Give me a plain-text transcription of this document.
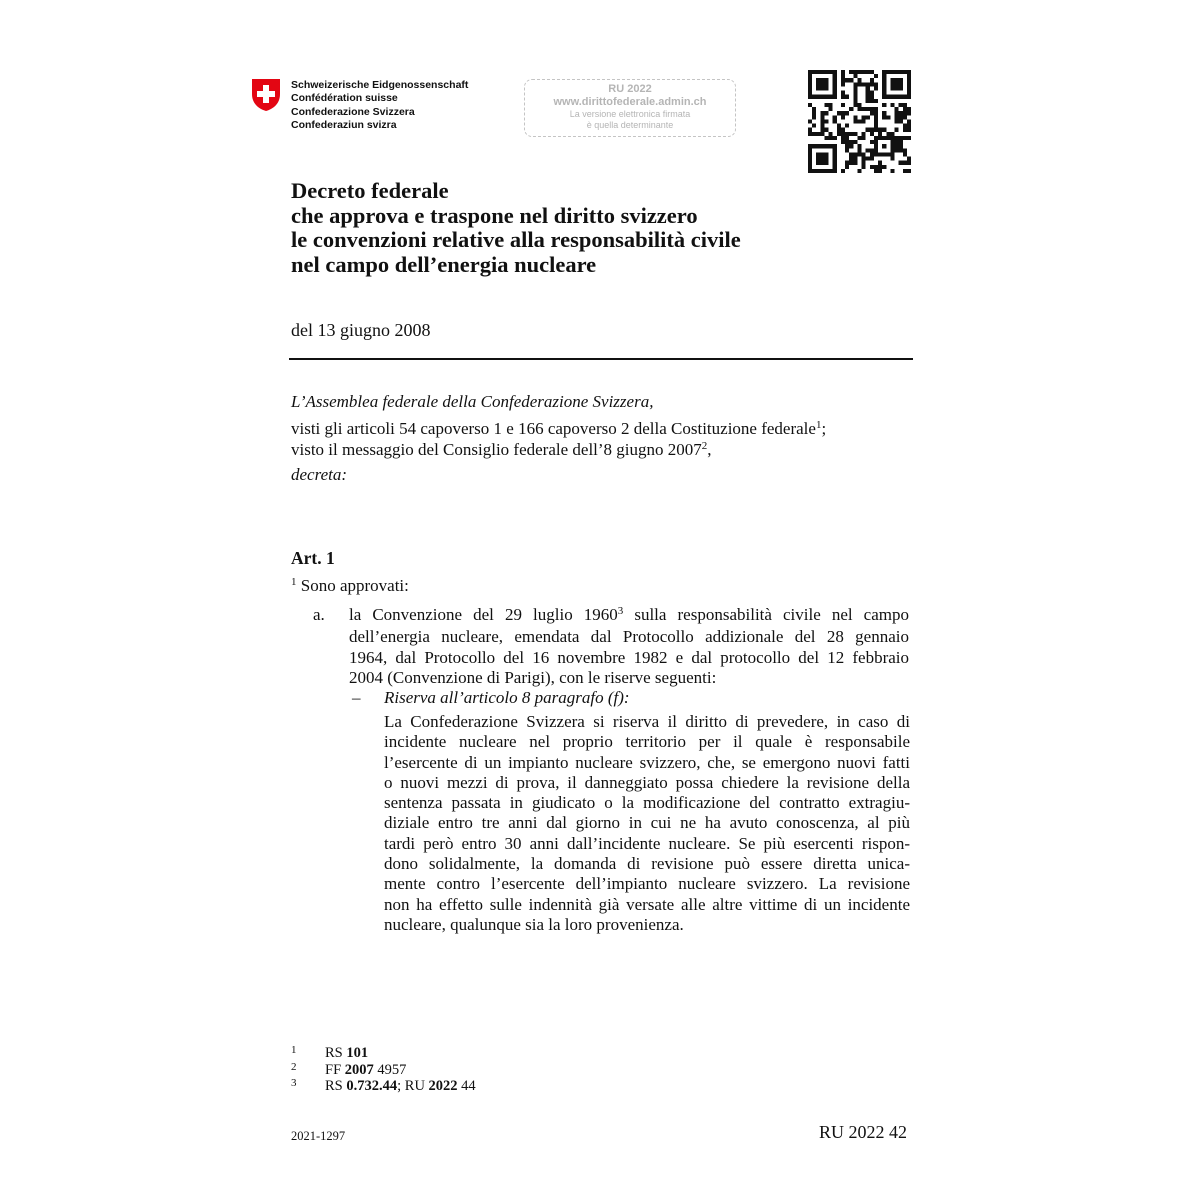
Schweizerische Eidgenossenschaft
Confédération suisse
Confederazione Svizzera
Confederaziun svizra
RU 2022
www.dirittofederale.admin.ch
La versione elettronica firmata
è quella determinante
Decreto federale
che approva e traspone nel diritto svizzero
le convenzioni relative alla responsabilità civile
nel campo dell’energia nucleare
del 13 giugno 2008
L’Assemblea federale della Confederazione Svizzera,
visti gli articoli 54 capoverso 1 e 166 capoverso 2 della Costituzione federale$^1$;
visto il messaggio del Consiglio federale dell’8 giugno 2007$^2$,
decreta:
Art. 1
$^1$ Sono approvati:
a. la Convenzione del 29 luglio 1960$^3$ sulla responsabilità civile nel campo
dell’energia nucleare, emendata dal Protocollo addizionale del 28 gennaio
1964, dal Protocollo del 16 novembre 1982 e dal protocollo del 12 febbraio
2004 (Convenzione di Parigi), con le riserve seguenti:
– Riserva all’articolo 8 paragrafo (f):
La Confederazione Svizzera si riserva il diritto di prevedere, in caso di
incidente nucleare nel proprio territorio per il quale è responsabile
l’esercente di un impianto nucleare svizzero, che, se emergono nuovi fatti
o nuovi mezzi di prova, il danneggiato possa chiedere la revisione della
sentenza passata in giudicato o la modificazione del contratto extragiu-
diziale entro tre anni dal giorno in cui ne ha avuto conoscenza, al più
tardi però entro 30 anni dall’incidente nucleare. Se più esercenti rispon-
dono solidalmente, la domanda di revisione può essere diretta unica-
mente contro l’esercente dell’impianto nucleare svizzero. La revisione
non ha effetto sulle indennità già versate alle altre vittime di un incidente
nucleare, qualunque sia la loro provenienza.
1	RS 101
2	FF 2007 4957
3	RS 0.732.44; RU 2022 44
2021-1297	RU 2022 42
